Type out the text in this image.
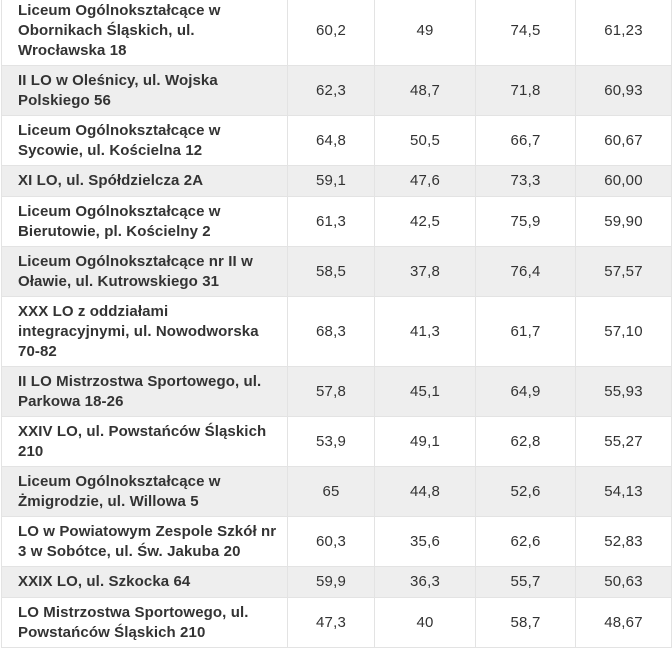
Liceum Ogólnokształcące w Obornikach Śląskich, ul. Wrocławska 18	60,2	49	74,5	61,23
II LO w Oleśnicy, ul. Wojska Polskiego 56	62,3	48,7	71,8	60,93
Liceum Ogólnokształcące w Sycowie, ul. Kościelna 12	64,8	50,5	66,7	60,67
XI LO, ul. Spółdzielcza 2A	59,1	47,6	73,3	60,00
Liceum Ogólnokształcące w Bierutowie, pl. Kościelny 2	61,3	42,5	75,9	59,90
Liceum Ogólnokształcące nr II w Oławie, ul. Kutrowskiego 31	58,5	37,8	76,4	57,57
XXX LO z oddziałami integracyjnymi, ul. Nowodworska 70-82	68,3	41,3	61,7	57,10
II LO Mistrzostwa Sportowego, ul. Parkowa 18-26	57,8	45,1	64,9	55,93
XXIV LO, ul. Powstańców Śląskich 210	53,9	49,1	62,8	55,27
Liceum Ogólnokształcące w Żmigrodzie, ul. Willowa 5	65	44,8	52,6	54,13
LO w Powiatowym Zespole Szkół nr 3 w Sobótce, ul. Św. Jakuba 20	60,3	35,6	62,6	52,83
XXIX LO, ul. Szkocka 64	59,9	36,3	55,7	50,63
LO Mistrzostwa Sportowego, ul. Powstańców Śląskich 210	47,3	40	58,7	48,67
